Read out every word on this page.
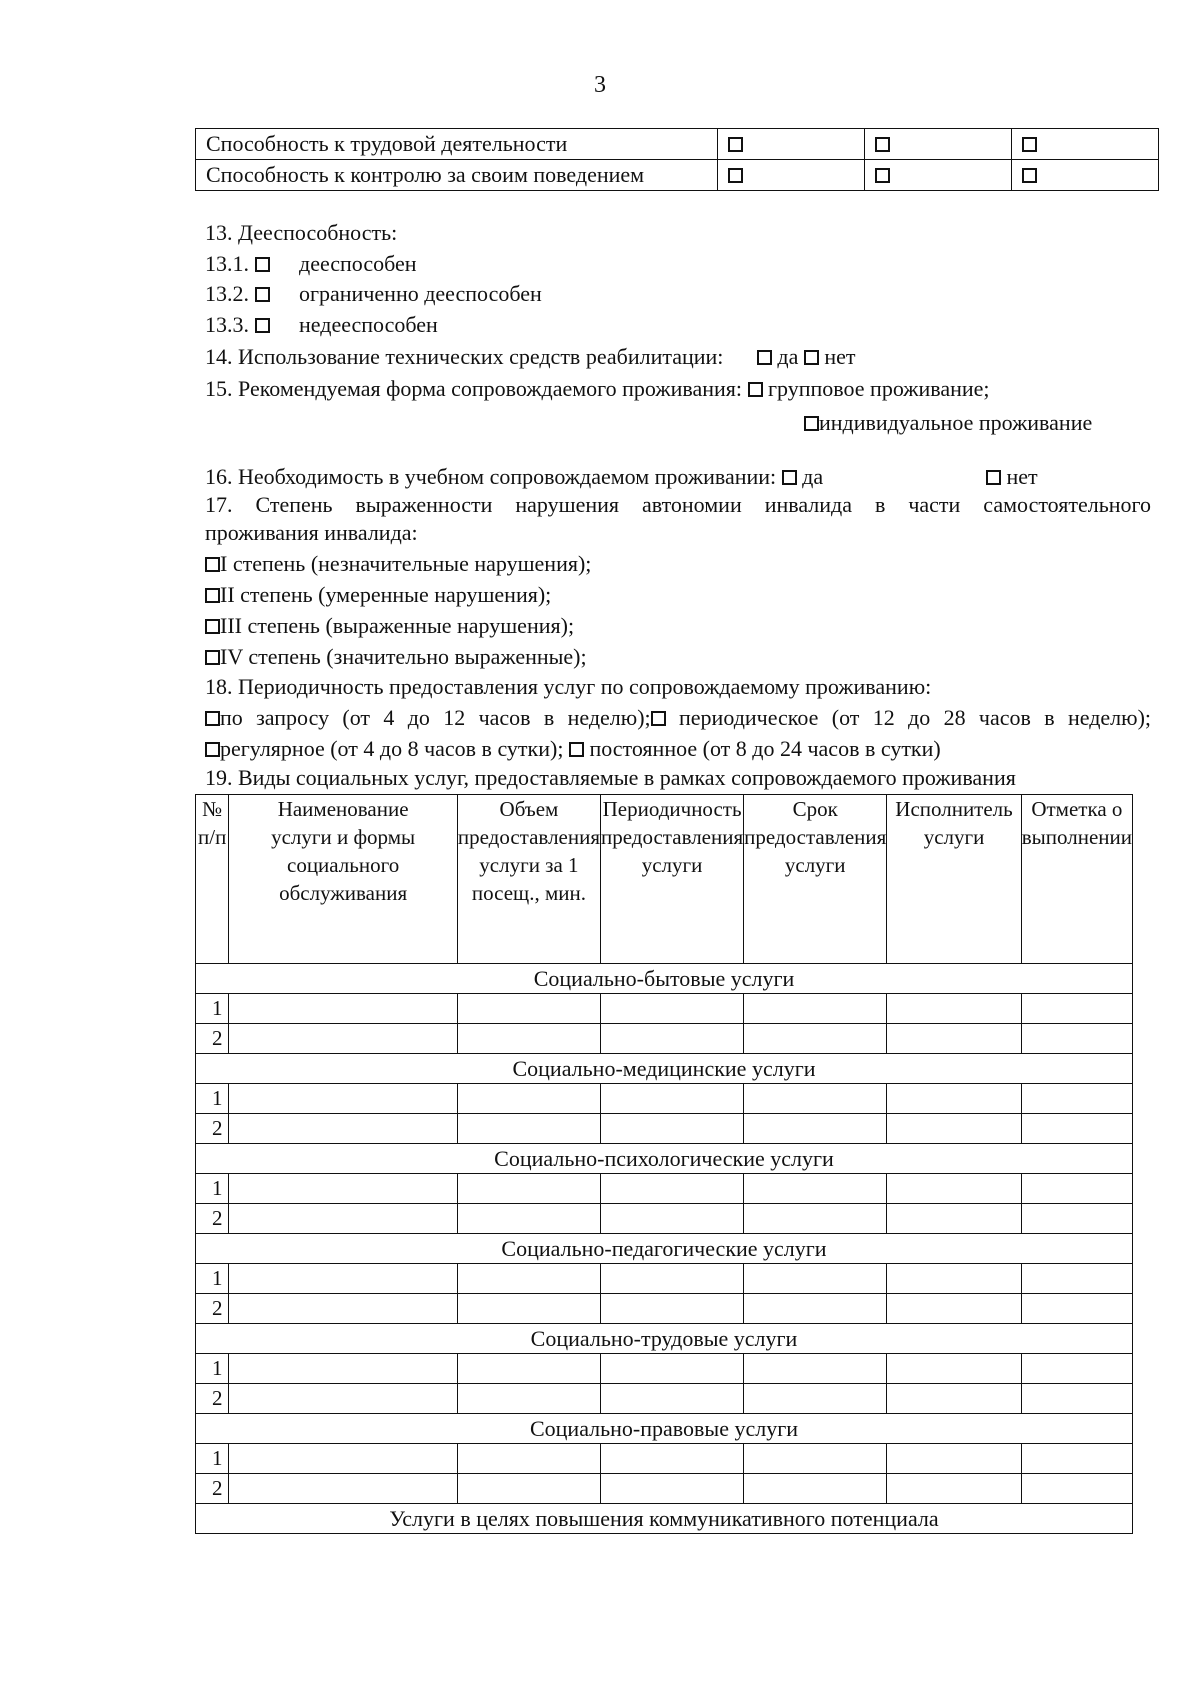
3
Способность к трудовой деятельности			
Способность к контролю за своим поведением			
13. Дееспособность:
13.1. дееспособен
13.2. ограниченно дееспособен
13.3. недееспособен
14. Использование технических средств реабилитации: да нет
15. Рекомендуемая форма сопровождаемого проживания: групповое проживание;
индивидуальное проживание
16. Необходимость в учебном сопровождаемом проживании: да	нет
17. Степень выраженности нарушения автономии инвалида в части самостоятельного
проживания инвалида:
I степень (незначительные нарушения);
II степень (умеренные нарушения);
III степень (выраженные нарушения);
IV степень (значительно выраженные);
18. Периодичность предоставления услуг по сопровождаемому проживанию:
по запросу (от 4 до 12 часов в неделю); периодическое (от 12 до 28 часов в неделю);
регулярное (от 4 до 8 часов в сутки); постоянное (от 8 до 24 часов в сутки)
19. Виды социальных услуг, предоставляемые в рамках сопровождаемого проживания
№ п/п	Наименование услуги и формы социального обслуживания	Объем предоставления услуги за 1 посещ., мин.	Периодичность предоставления услуги	Срок предоставления услуги	Исполнитель услуги	Отметка о выполнении
Социально-бытовые услуги						
1						
2						
Социально-медицинские услуги						
1						
2						
Социально-психологические услуги						
1						
2						
Социально-педагогические услуги						
1						
2						
Социально-трудовые услуги						
1						
2						
Социально-правовые услуги						
1						
2						
Услуги в целях повышения коммуникативного потенциала						
